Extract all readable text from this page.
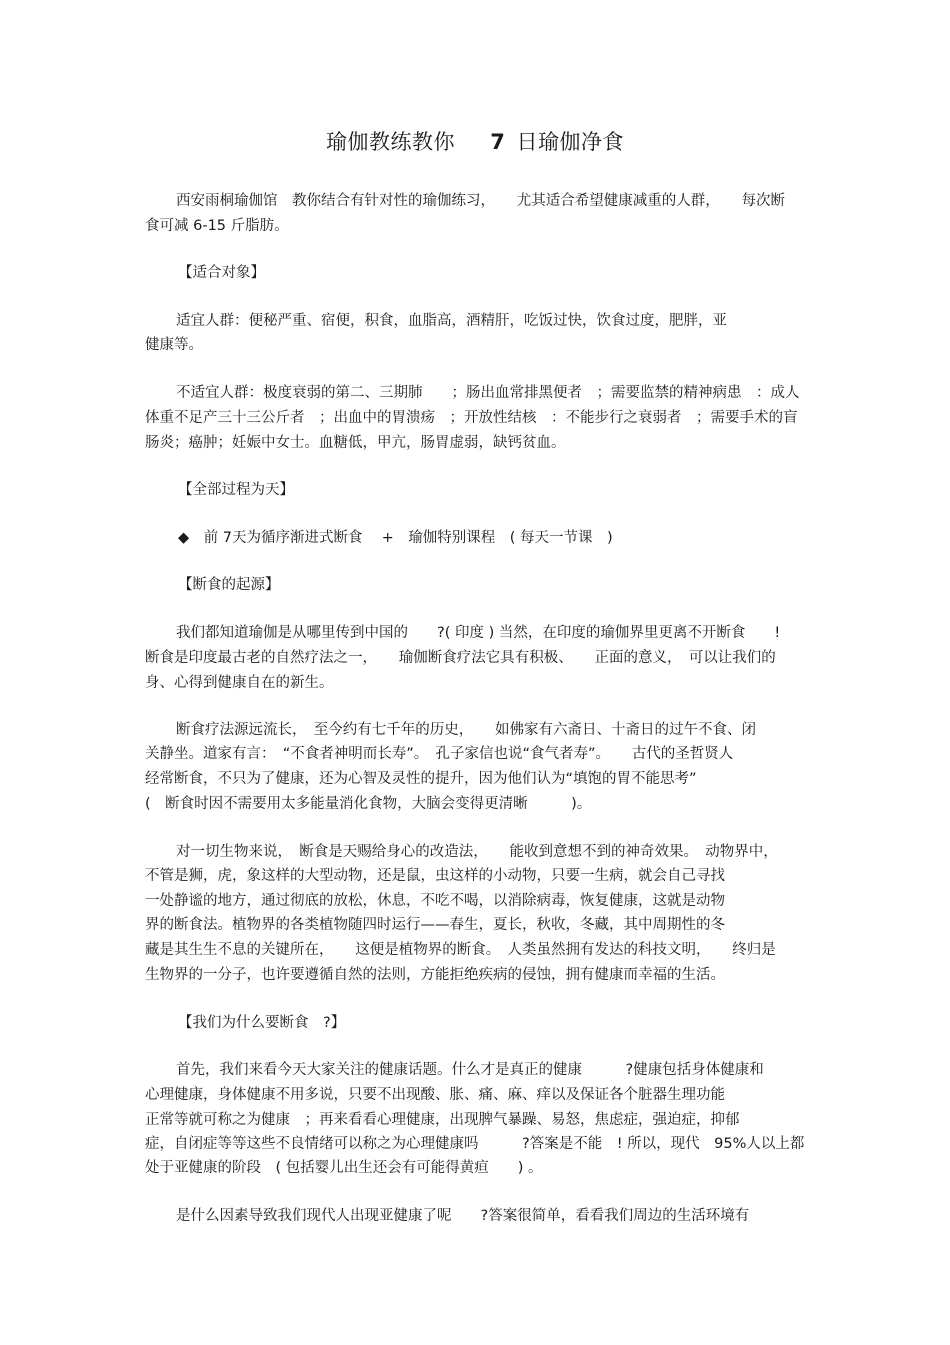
瑜伽教练教你 7 日瑜伽净食
西安雨桐瑜伽馆　教你结合有针对性的瑜伽练习，　　尤其适合希望健康减重的人群，　　每次断
食可减 6-15 斤脂肪。
【适合对象】
适宜人群：便秘严重、宿便，积食，血脂高，酒精肝，吃饭过快，饮食过度，肥胖，亚
健康等。
不适宜人群：极度衰弱的第二、三期肺　　；肠出血常排黑便者　；需要监禁的精神病患　：成人
体重不足产三十三公斤者　；出血中的胃溃疡　；开放性结核　：不能步行之衰弱者　；需要手术的盲
肠炎；癌肿；妊娠中女士。血糖低，甲亢，肠胃虚弱，缺钙贫血。
【全部过程为天】
◆　前 7天为循序渐进式断食　 +　瑜伽特别课程　( 每天一节课　)
【断食的起源】
我们都知道瑜伽是从哪里传到中国的　　?( 印度 ) 当然，在印度的瑜伽界里更离不开断食　　!
断食是印度最古老的自然疗法之一，　　瑜伽断食疗法它具有积极、　　正面的意义，　可以让我们的
身、心得到健康自在的新生。
断食疗法源远流长，　至今约有七千年的历史，　　如佛家有六斋日、十斋日的过午不食、闭
关静坐。道家有言：　“不食者神明而长寿”。　孔子家信也说“食气者寿”。　　古代的圣哲贤人
经常断食，不只为了健康，还为心智及灵性的提升，因为他们认为“填饱的胃不能思考”
(　断食时因不需要用太多能量消化食物，大脑会变得更清晰　　　)。
对一切生物来说，　断食是天赐给身心的改造法，　　能收到意想不到的神奇效果。　动物界中，
不管是狮，虎，象这样的大型动物，还是鼠，虫这样的小动物，只要一生病，就会自己寻找
一处静谧的地方，通过彻底的放松，休息，不吃不喝，以消除病毒，恢复健康，这就是动物
界的断食法。植物界的各类植物随四时运行——春生，夏长，秋收，冬藏，其中周期性的冬
藏是其生生不息的关键所在，　　这便是植物界的断食。　人类虽然拥有发达的科技文明，　　终归是
生物界的一分子，也许要遵循自然的法则，方能拒绝疾病的侵蚀，拥有健康而幸福的生活。
【我们为什么要断食　?】
首先，我们来看今天大家关注的健康话题。什么才是真正的健康　　　?健康包括身体健康和
心理健康，身体健康不用多说，只要不出现酸、胀、痛、麻、痒以及保证各个脏器生理功能
正常等就可称之为健康　；再来看看心理健康，出现脾气暴躁、易怒，焦虑症，强迫症，抑郁
症，自闭症等等这些不良情绪可以称之为心理健康吗　　　?答案是不能　! 所以，现代　95%人以上都
处于亚健康的阶段　( 包括婴儿出生还会有可能得黄疸　　) 。
是什么因素导致我们现代人出现亚健康了呢　　?答案很简单，看看我们周边的生活环境有
